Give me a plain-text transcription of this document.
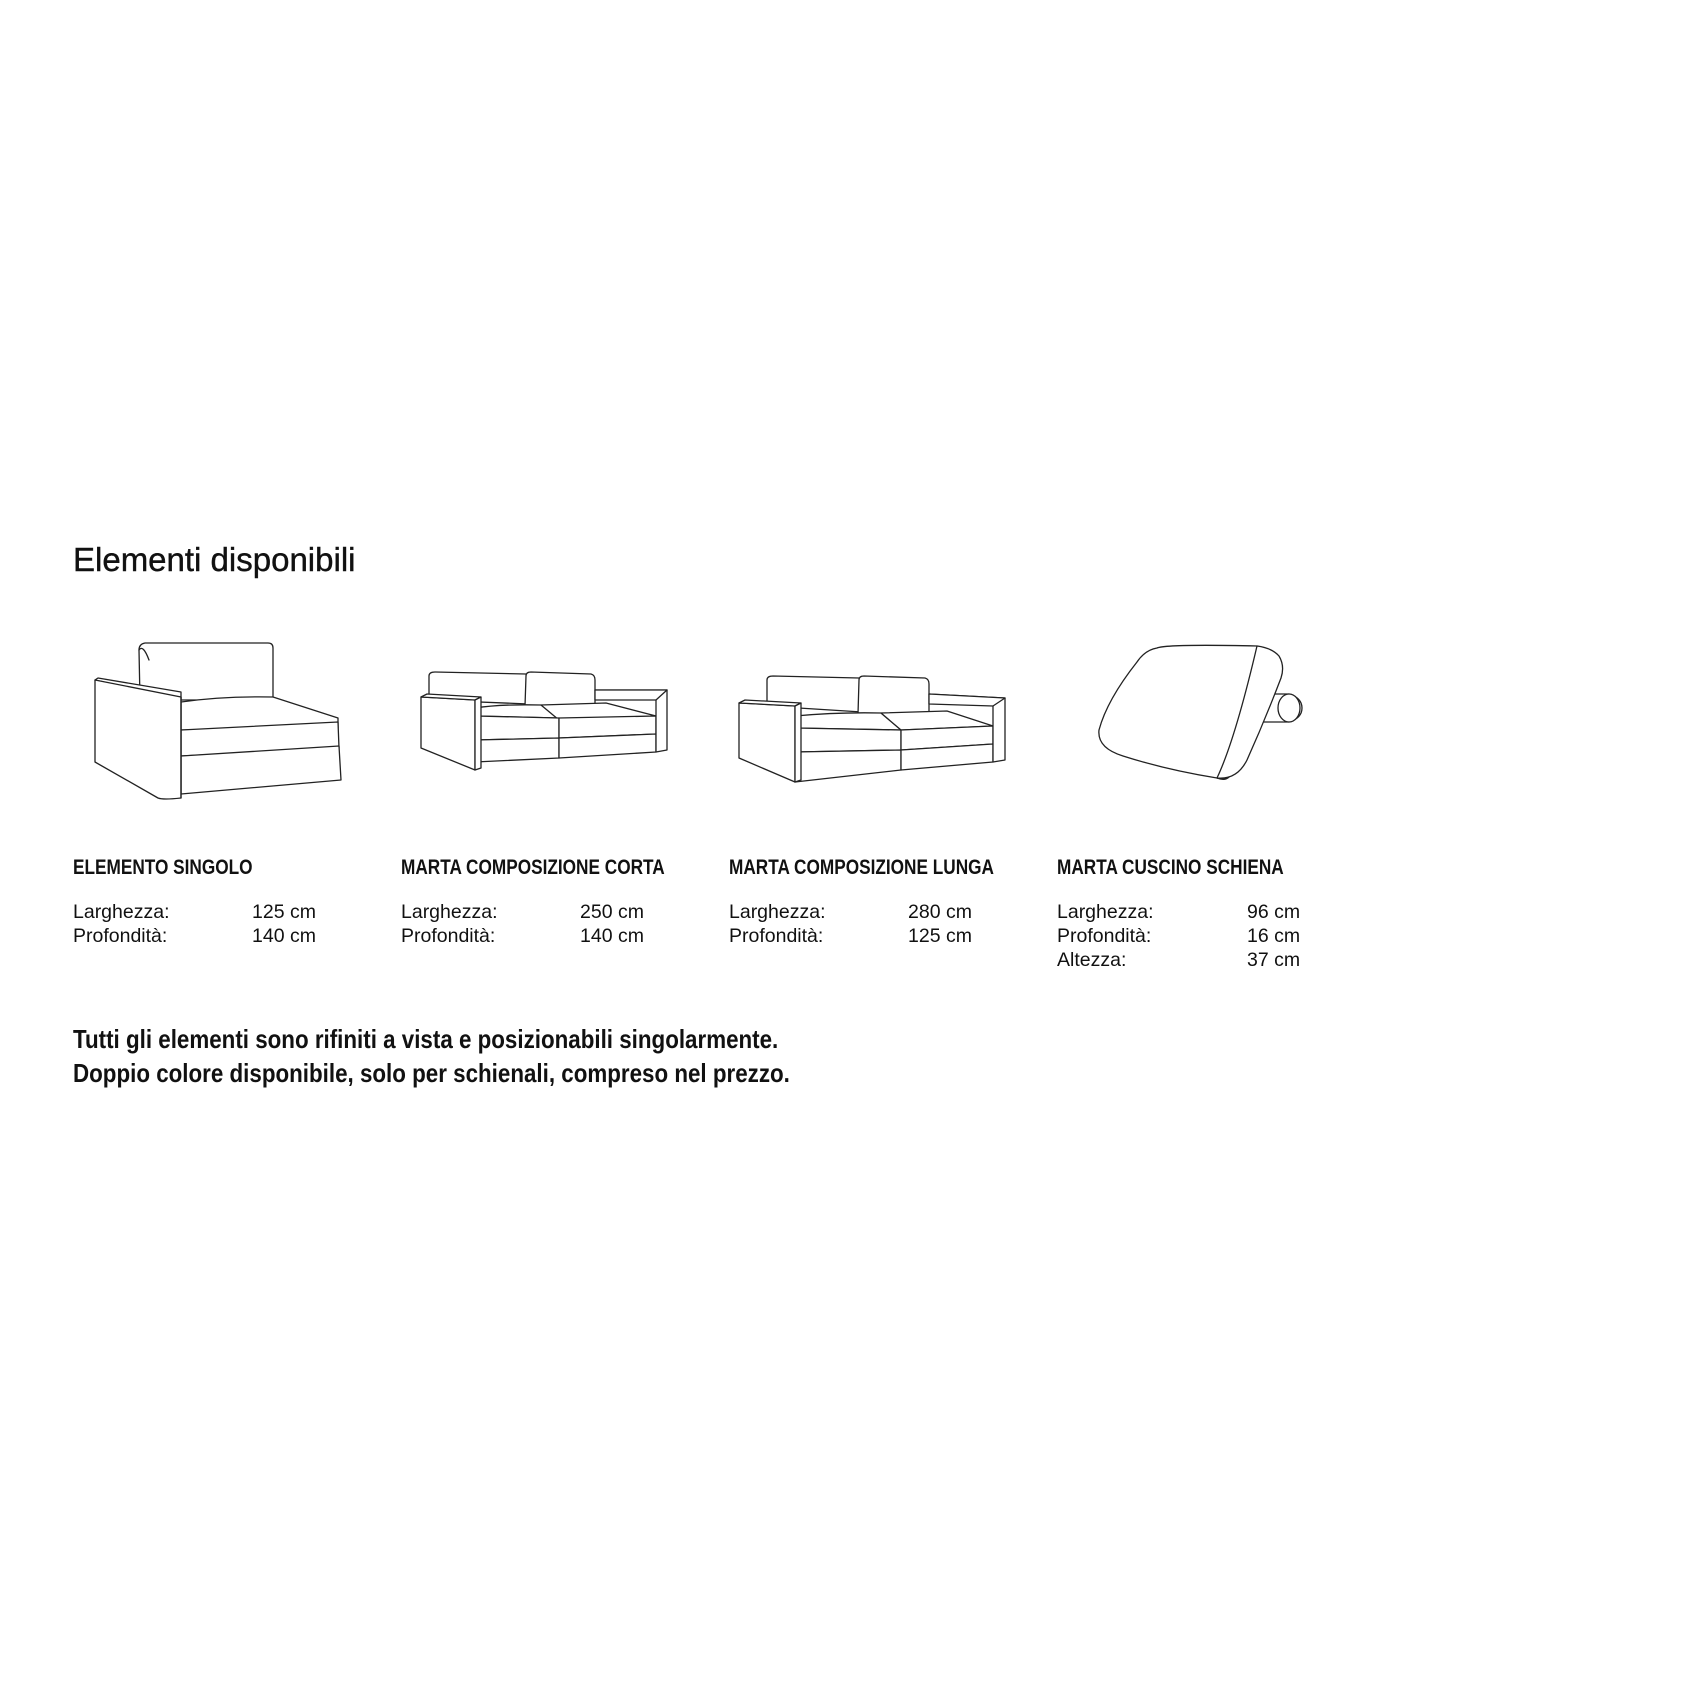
Elementi disponibili
ELEMENTO SINGOLO
Larghezza:	125 cm
Profondità:	140 cm
MARTA COMPOSIZIONE CORTA
Larghezza:	250 cm
Profondità:	140 cm
MARTA COMPOSIZIONE LUNGA
Larghezza:	280 cm
Profondità:	125 cm
MARTA CUSCINO SCHIENA
Larghezza:	96 cm
Profondità:	16 cm
Altezza:	37 cm

Tutti gli elementi sono rifiniti a vista e posizionabili singolarmente.
Doppio colore disponibile, solo per schienali, compreso nel prezzo.
